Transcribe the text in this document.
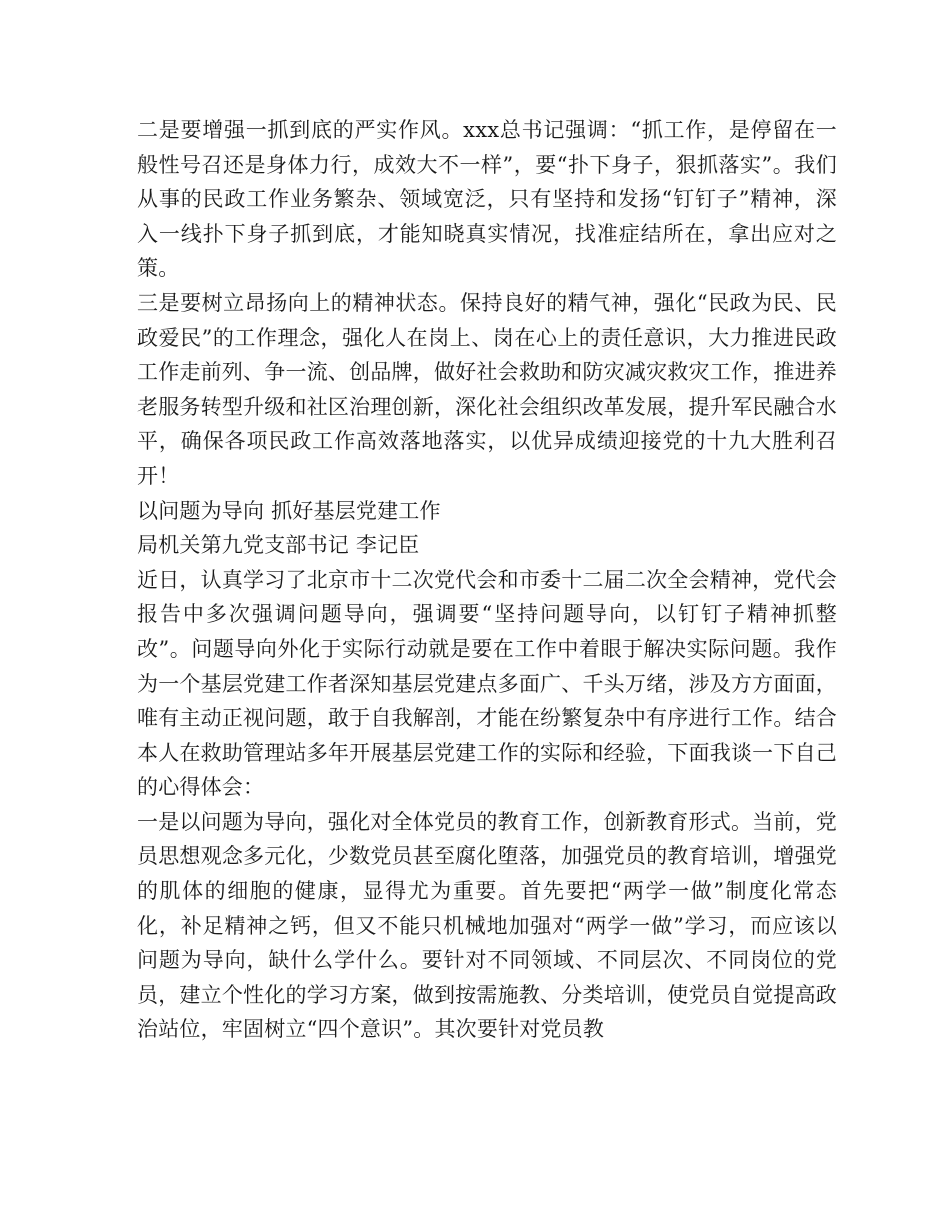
二是要增强一抓到底的严实作风。xxx总书记强调：“抓工作，是停留在一般性号召还是身体力行，成效大不一样”，要“扑下身子，狠抓落实”。我们从事的民政工作业务繁杂、领域宽泛，只有坚持和发扬“钉钉子”精神，深入一线扑下身子抓到底，才能知晓真实情况，找准症结所在，拿出应对之策。

三是要树立昂扬向上的精神状态。保持良好的精气神，强化“民政为民、民政爱民”的工作理念，强化人在岗上、岗在心上的责任意识，大力推进民政工作走前列、争一流、创品牌，做好社会救助和防灾减灾救灾工作，推进养老服务转型升级和社区治理创新，深化社会组织改革发展，提升军民融合水平，确保各项民政工作高效落地落实，以优异成绩迎接党的十九大胜利召开！

以问题为导向 抓好基层党建工作

局机关第九党支部书记 李记臣

近日，认真学习了北京市十二次党代会和市委十二届二次全会精神，党代会报告中多次强调问题导向，强调要“坚持问题导向，以钉钉子精神抓整改”。问题导向外化于实际行动就是要在工作中着眼于解决实际问题。我作为一个基层党建工作者深知基层党建点多面广、千头万绪，涉及方方面面，唯有主动正视问题，敢于自我解剖，才能在纷繁复杂中有序进行工作。结合本人在救助管理站多年开展基层党建工作的实际和经验，下面我谈一下自己的心得体会：

一是以问题为导向，强化对全体党员的教育工作，创新教育形式。当前，党员思想观念多元化，少数党员甚至腐化堕落，加强党员的教育培训，增强党的肌体的细胞的健康，显得尤为重要。首先要把“两学一做”制度化常态化，补足精神之钙，但又不能只机械地加强对“两学一做”学习，而应该以问题为导向，缺什么学什么。要针对不同领域、不同层次、不同岗位的党员，建立个性化的学习方案，做到按需施教、分类培训，使党员自觉提高政治站位，牢固树立“四个意识”。其次要针对党员教
